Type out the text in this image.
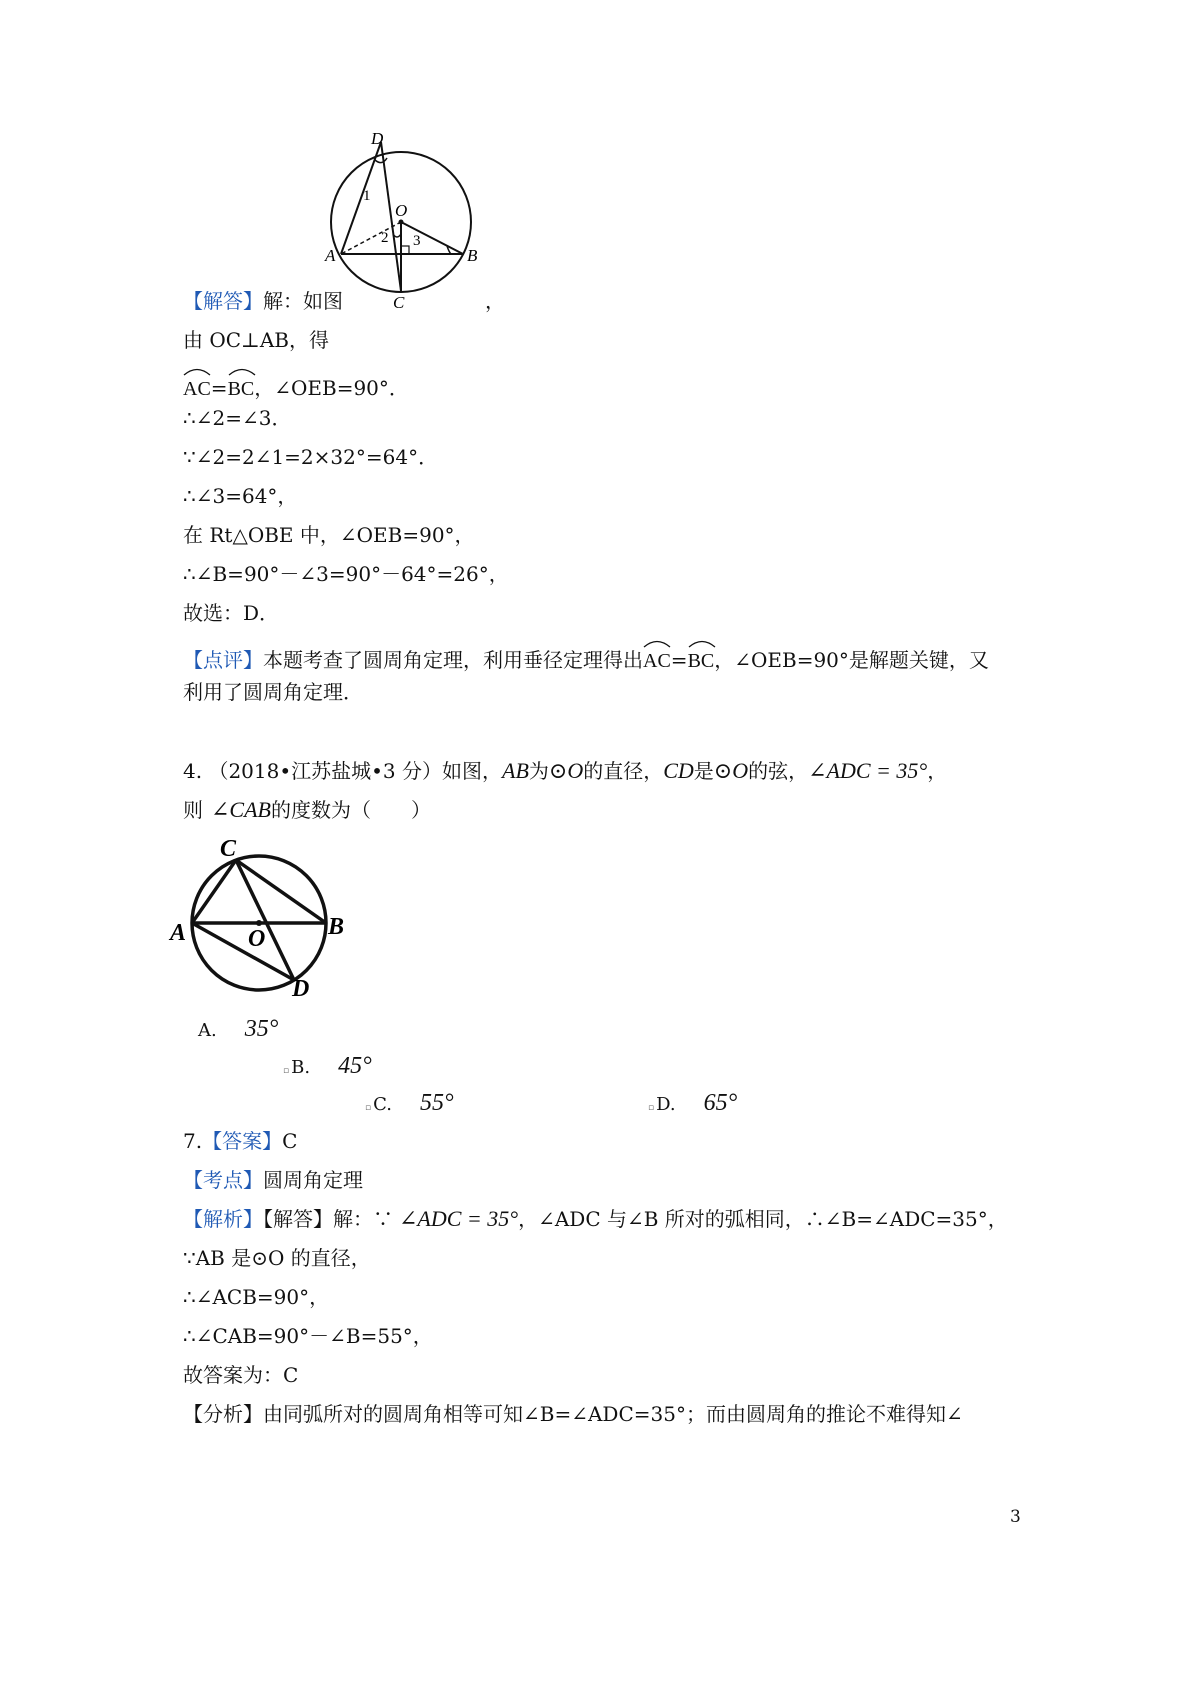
D
O
A	B
C
1
2 3
【解答】解：如图	，
由 OC⊥AB，得
AC=
BC，∠OEB=90°．
∴∠2=∠3．
∵∠2=2∠1=2×32°=64°．
∴∠3=64°，
在 Rt△OBE 中，∠OEB=90°，
∴∠B=90°－∠3=90°－64°=26°，
故选：D．
【点评】本题考查了圆周角定理，利用垂径定理得出
AC=
BC，∠OEB=90°是解题关键，又
利用了圆周角定理．
4. （2018•江苏盐城•3 分）如图，AB为⊙O的直径，CD是⊙O的弦，∠ADC = 35°，
则 ∠CAB的度数为（　　）
C
A	O	B
D
A. 35°
▫ B. 45°
▫ C. 55°	▫ D. 65°
7.【答案】C
【考点】圆周角定理
【解析】【解答】解：∵ ∠ADC = 35°，∠ADC 与∠B 所对的弧相同，∴∠B=∠ADC=35°，
∵AB 是⊙O 的直径，
∴∠ACB=90°，
∴∠CAB=90°－∠B=55°，
故答案为：C
【分析】由同弧所对的圆周角相等可知∠B=∠ADC=35°；而由圆周角的推论不难得知∠
3
